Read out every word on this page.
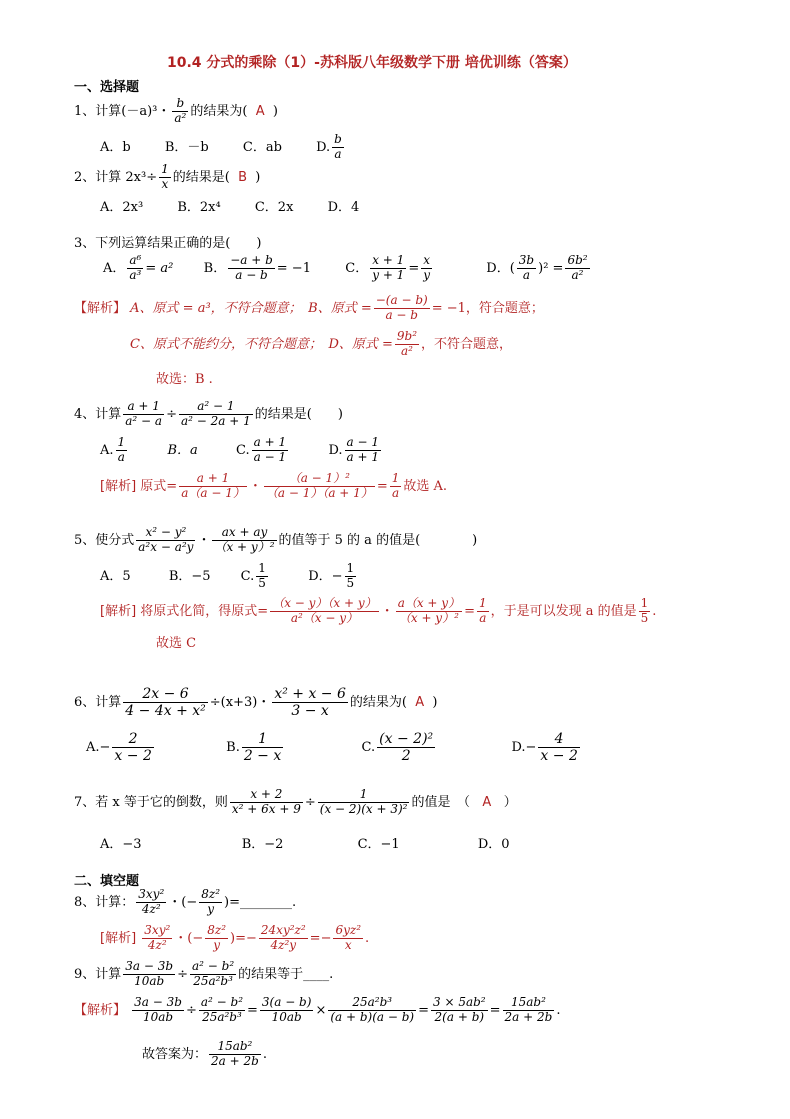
10.4 分式的乘除（1）-苏科版八年级数学下册 培优训练（答案）
一、选择题
1、计算(－a)³・ $\frac{b}{\text{a²}}$ 的结果为( A )
A．b	B．－b	C．ab	D. $\frac{b}{a}$
2、计算 $2x^3\div \frac{1}{x}$ 的结果是( B )
A．2x³	B．2x⁴	C．2x	D．4
3、下列运算结果正确的是(　　)
A． $\frac{\text{a⁶}}{\text{a³}} = a^2$ B． $\frac{-a + b}{a - b} = -1$	C． $\frac{x + 1}{y + 1} = \frac{x}{y}$	D．( $\frac{3b}{a} )^2 = \frac{\text{6b²}}{\text{a²}}$
【解析】 A、原式 = a³，不符合题意；　B、原式 = $\frac{-(a - b)}{a - b} = -1$，符合题意；
C、原式不能约分，不符合题意；　D、原式 = $\frac{\text{9b²}}{\text{a²}}$ ，不符合题意，
故选：B .
4、计算 $\frac{a + 1}{\text{a² − a}} \div \frac{\text{a² − 1}}{\text{a² − 2a + 1}}$ 的结果是(　　)
A. $\frac{1}{a}$	B．a	C. $\frac{a + 1}{a - 1}$	D. $\frac{a - 1}{a + 1}$
[解析] 原式= $\frac{a + 1}{a(a - 1)}$ ・ $\frac{\text{（a − 1）²}}{(a - 1)(a + 1)} = \frac{1}{a}$ 故选 A.
5、使分式 $\frac{\text{x² − y²}}{\text{a²x − a²y}}$ ・ $\frac{ax + ay}{\text{（x + y）²}}$ 的值等于 5 的 a 的值是(　　　　)
A．5	B．−5 C. $\frac{1}{5}$	D．− $\frac{1}{5}$
[解析] 将原式化简，得原式= $\frac{(x - y)(x + y)}{\text{a²（x − y）}}$ ・ $\frac{a(x + y)}{\text{（x + y）²}} = \frac{1}{a}$ ，于是可以发现 a 的值是 $\frac{1}{5}$ .
故选 C
6、计算 $\frac{2x - 6}{\text{4 − 4x + x²}} \div(x+3)$・ $\frac{\text{x² + x − 6}}{3 - x}$ 的结果为( A )
$A.- \frac{2}{x - 2}$	B. $\frac{1}{2 - x}$	C. $\frac{\text{(x − 2)²}}{2}$	$D.- \frac{4}{x - 2}$
7、若 x 等于它的倒数，则 $\frac{x + 2}{\text{x² + 6x + 9}} \div \frac{1}{\text{(x − 2)(x + 3)²}}$ 的值是　（ A ）
A．−3	B．−2	C．−1	D．0
二、填空题
8、计算： $\frac{\text{3xy²}}{\text{4z²}}$ ・(− $\frac{\text{8z²}}{y}$ )=________.
[解析] $\frac{\text{3xy²}}{\text{4z²}}$ ・(− $\frac{\text{8z²}}{y}$ )=− $\frac{\text{24xy²z²}}{\text{4z²y}} =- \frac{\text{6yz²}}{x}$ .
9、计算 $\frac{3a - 3b}{10ab} \div \frac{\text{a² − b²}}{\text{25a²b³}}$ 的结果等于____.
【解析】 $\frac{3a - 3b}{10ab} \div \frac{\text{a² − b²}}{\text{25a²b³}} = \frac{3(a - b)}{10ab} \times \frac{\text{25a²b³}}{(a + b)(a - b)} = \frac{\text{3 × 5ab²}}{2(a + b)} = \frac{\text{15ab²}}{2a + 2b}$ .
故答案为： $\frac{\text{15ab²}}{2a + 2b}$ .
